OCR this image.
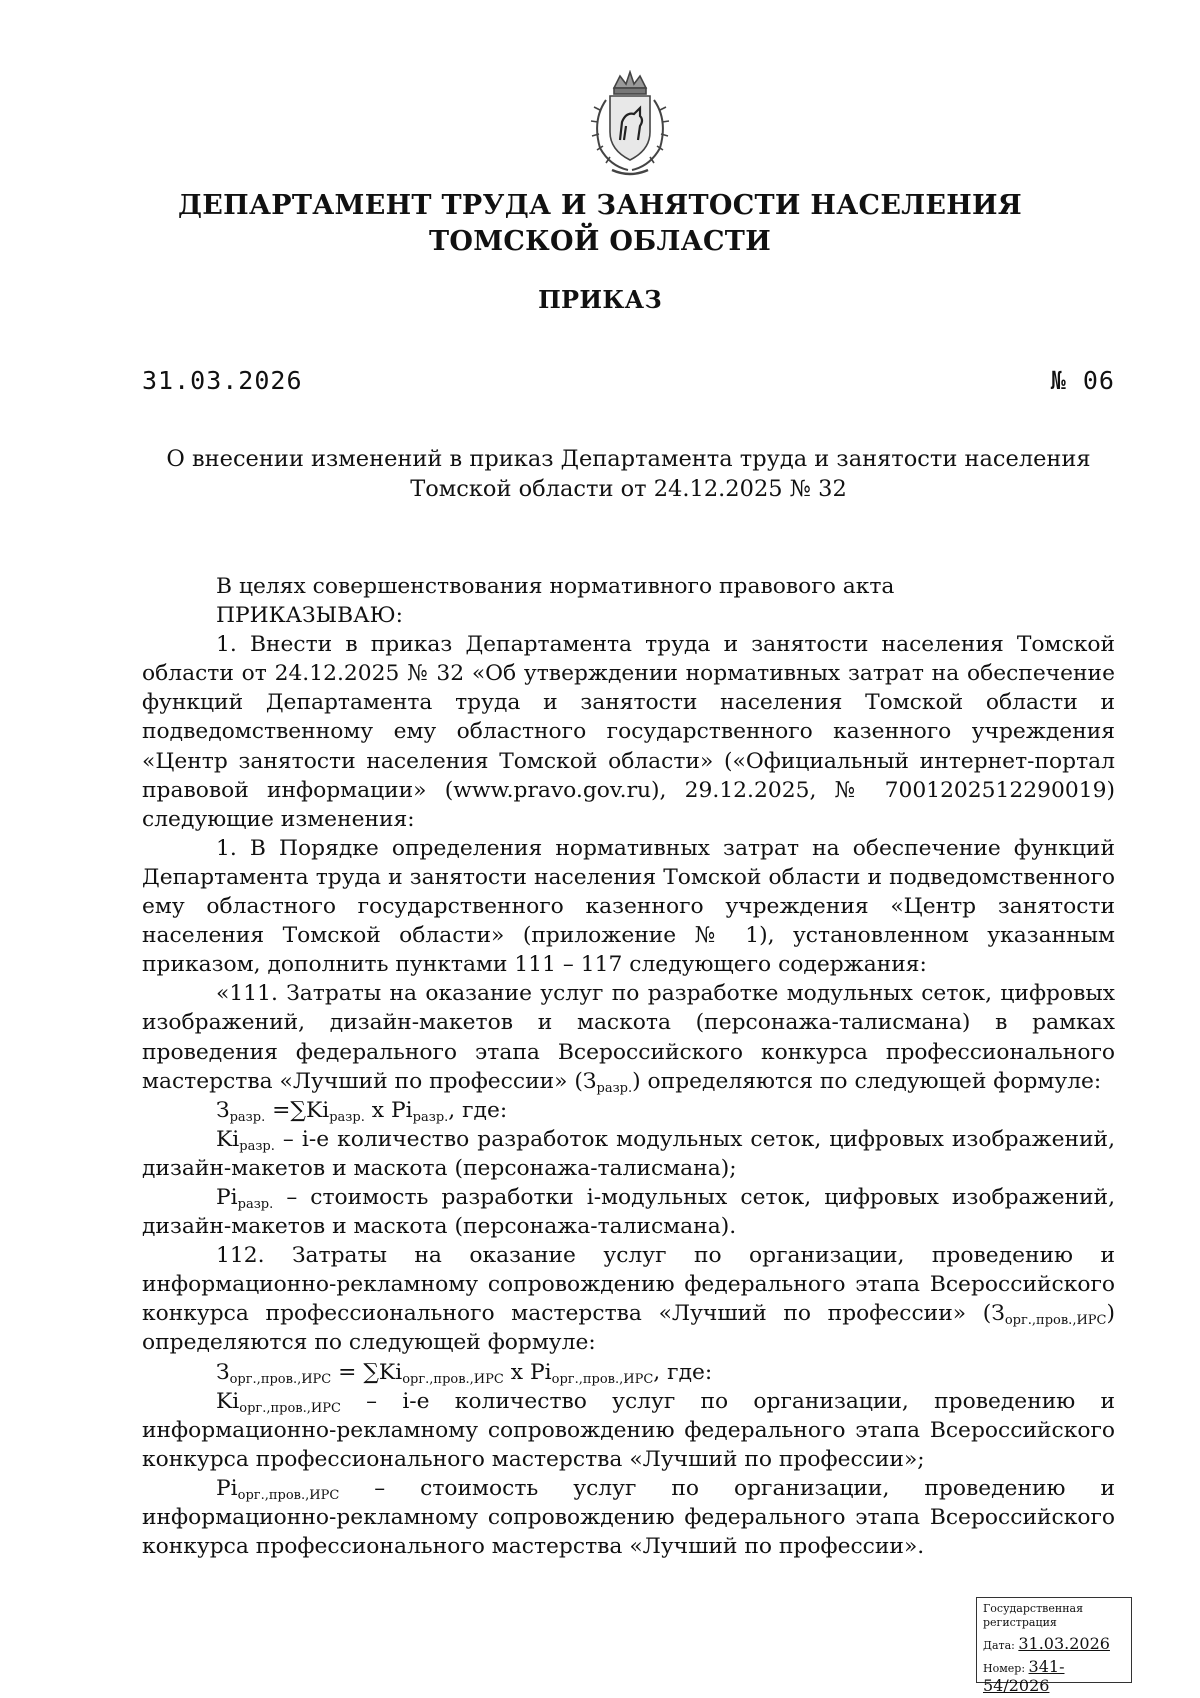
ДЕПАРТАМЕНТ ТРУДА И ЗАНЯТОСТИ НАСЕЛЕНИЯ
ТОМСКОЙ ОБЛАСТИ
ПРИКАЗ
31.03.2026	№ 06
О внесении изменений в приказ Департамента труда и занятости населения Томской области от 24.12.2025 № 32

В целях совершенствования нормативного правового акта

ПРИКАЗЫВАЮ:

1. Внести в приказ Департамента труда и занятости населения Томской области от 24.12.2025 № 32 «Об утверждении нормативных затрат на обеспечение функций Департамента труда и занятости населения Томской области и подведомственному ему областного государственного казенного учреждения «Центр занятости населения Томской области» («Официальный интернет-портал правовой информации» (www.pravo.gov.ru), 29.12.2025, № 7001202512290019) следующие изменения:

1. В Порядке определения нормативных затрат на обеспечение функций Департамента труда и занятости населения Томской области и подведомственного ему областного государственного казенного учреждения «Центр занятости населения Томской области» (приложение № 1), установленном указанным приказом, дополнить пунктами 111 – 117 следующего содержания:

«111. Затраты на оказание услуг по разработке модульных сеток, цифровых изображений, дизайн-макетов и маскота (персонажа-талисмана) в рамках проведения федерального этапа Всероссийского конкурса профессионального мастерства «Лучший по профессии» $(З_{разр.})$ определяются по следующей формуле:

$З_{разр.} =\sum Ki_{разр.}$ х $Pi_{разр.}$, где:

$Ki_{разр.} - i-е$ количество разработок модульных сеток, цифровых изображений, дизайн-макетов и маскота (персонажа-талисмана);

$Pi_{разр.}$ – стоимость разработки i-модульных сеток, цифровых изображений, дизайн-макетов и маскота (персонажа-талисмана).

112. Затраты на оказание услуг по организации, проведению и информационно-рекламному сопровождению федерального этапа Всероссийского конкурса профессионального мастерства «Лучший по профессии» $(З_{орг.,пров.,ИРС})$ определяются по следующей формуле:

$З_{орг.,пров.,ИРС} = \sum Ki_{орг.,пров.,ИРС}$ х $Pi_{орг.,пров.,ИРС}$, где:

$Ki_{орг.,пров.,ИРС} - i-е$ количество услуг по организации, проведению и информационно-рекламному сопровождению федерального этапа Всероссийского конкурса профессионального мастерства «Лучший по профессии»;

$Pi_{орг.,пров.,ИРС}$ – стоимость услуг по организации, проведению и информационно-рекламному сопровождению федерального этапа Всероссийского конкурса профессионального мастерства «Лучший по профессии».

Государственная регистрация
Дата: 31.03.2026
Номер: 341-54/2026
